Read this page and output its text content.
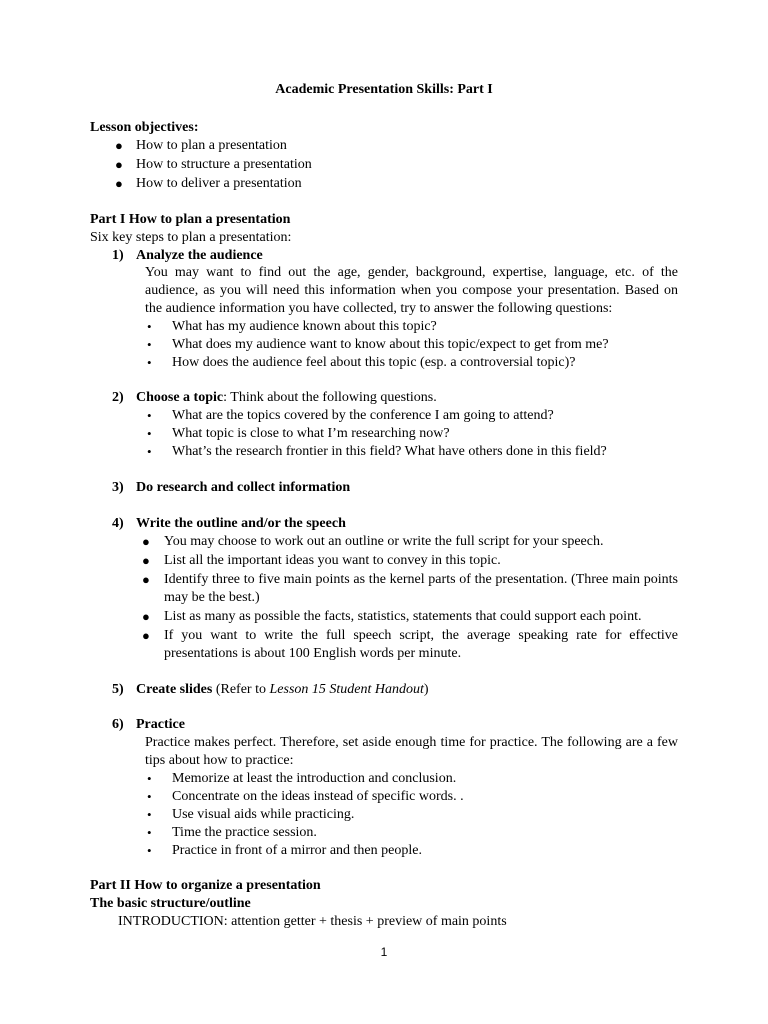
Academic Presentation Skills: Part I
Lesson objectives:
● How to plan a presentation
● How to structure a presentation
● How to deliver a presentation
Part I How to plan a presentation
Six key steps to plan a presentation:
1) Analyze the audience
You may want to find out the age, gender, background, expertise, language, etc. of the audience, as you will need this information when you compose your presentation. Based on the audience information you have collected, try to answer the following questions:
• What has my audience known about this topic?
• What does my audience want to know about this topic/expect to get from me?
• How does the audience feel about this topic (esp. a controversial topic)?
2) Choose a topic: Think about the following questions.
• What are the topics covered by the conference I am going to attend?
• What topic is close to what I’m researching now?
• What’s the research frontier in this field? What have others done in this field?
3) Do research and collect information
4) Write the outline and/or the speech
● You may choose to work out an outline or write the full script for your speech.
● List all the important ideas you want to convey in this topic.
● Identify three to five main points as the kernel parts of the presentation. (Three main points may be the best.)
● List as many as possible the facts, statistics, statements that could support each point.
● If you want to write the full speech script, the average speaking rate for effective presentations is about 100 English words per minute.
5) Create slides (Refer to Lesson 15 Student Handout)
6) Practice
Practice makes perfect. Therefore, set aside enough time for practice. The following are a few tips about how to practice:
• Memorize at least the introduction and conclusion.
• Concentrate on the ideas instead of specific words. .
• Use visual aids while practicing.
• Time the practice session.
• Practice in front of a mirror and then people.
Part II How to organize a presentation
The basic structure/outline
INTRODUCTION: attention getter + thesis + preview of main points
1
